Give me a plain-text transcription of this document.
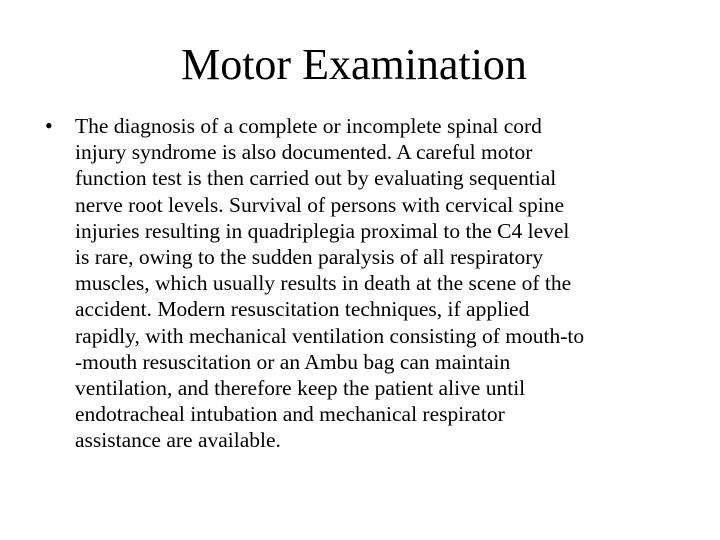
Motor Examination
• The diagnosis of a complete or incomplete spinal cord
injury syndrome is also documented. A careful motor
function test is then carried out by evaluating sequential
nerve root levels. Survival of persons with cervical spine
injuries resulting in quadriplegia proximal to the C4 level
is rare, owing to the sudden paralysis of all respiratory
muscles, which usually results in death at the scene of the
accident. Modern resuscitation techniques, if applied
rapidly, with mechanical ventilation consisting of mouth-to
-mouth resuscitation or an Ambu bag can maintain
ventilation, and therefore keep the patient alive until
endotracheal intubation and mechanical respirator
assistance are available.
